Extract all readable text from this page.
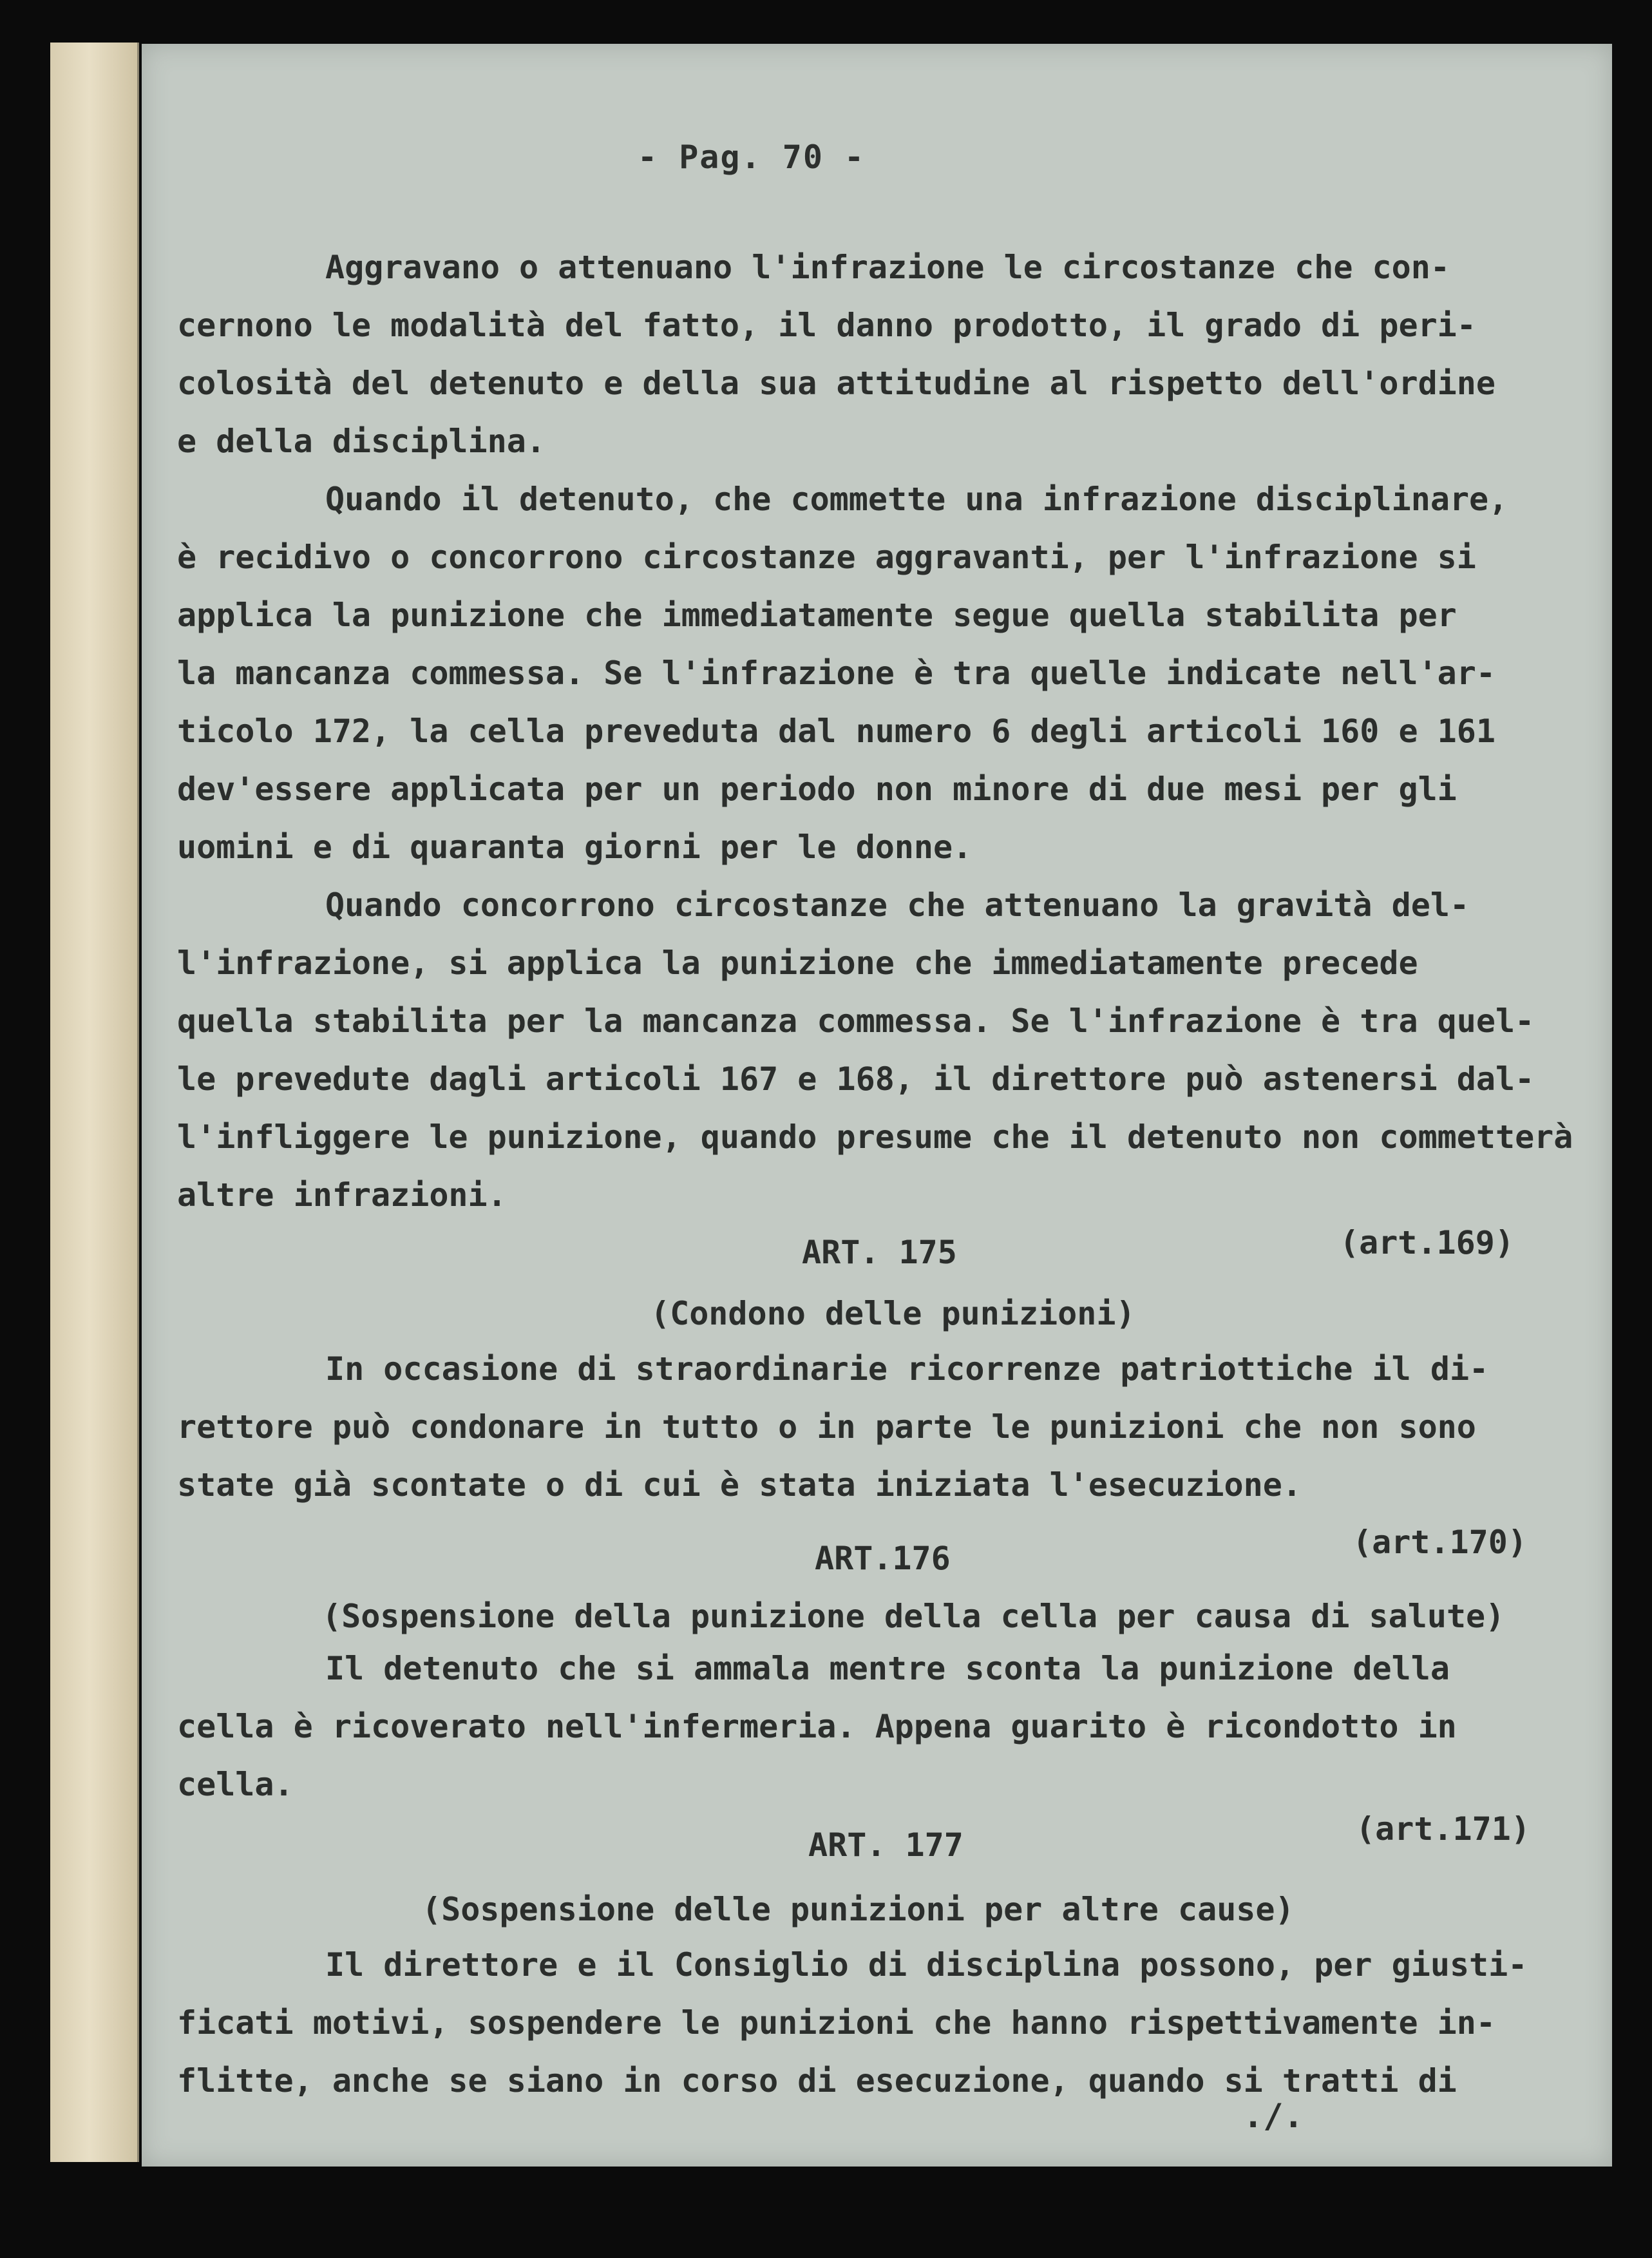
- Pag. 70 -

Aggravano o attenuano l'infrazione le circostanze che con-
cernono le modalità del fatto, il danno prodotto, il grado di peri-
colosità del detenuto e della sua attitudine al rispetto dell'ordine
e della disciplina.

Quando il detenuto, che commette una infrazione disciplinare,
è recidivo o concorrono circostanze aggravanti, per l'infrazione si
applica la punizione che immediatamente segue quella stabilita per
la mancanza commessa. Se l'infrazione è tra quelle indicate nell'ar-
ticolo 172, la cella preveduta dal numero 6 degli articoli 160 e 161
dev'essere applicata per un periodo non minore di due mesi per gli
uomini e di quaranta giorni per le donne.

Quando concorrono circostanze che attenuano la gravità del-
l'infrazione, si applica la punizione che immediatamente precede
quella stabilita per la mancanza commessa. Se l'infrazione è tra quel-
le prevedute dagli articoli 167 e 168, il direttore può astenersi dal-
l'infliggere le punizione, quando presume che il detenuto non commetterà
altre infrazioni.

ART. 175	(art.169)
(Condono delle punizioni)

In occasione di straordinarie ricorrenze patriottiche il di-
rettore può condonare in tutto o in parte le punizioni che non sono
state già scontate o di cui è stata iniziata l'esecuzione.

ART.176	(art.170)
(Sospensione della punizione della cella per causa di salute)

Il detenuto che si ammala mentre sconta la punizione della
cella è ricoverato nell'infermeria. Appena guarito è ricondotto in
cella.

ART. 177	(art.171)
(Sospensione delle punizioni per altre cause)

Il direttore e il Consiglio di disciplina possono, per giusti-
ficati motivi, sospendere le punizioni che hanno rispettivamente in-
flitte, anche se siano in corso di esecuzione, quando si tratti di

./.
